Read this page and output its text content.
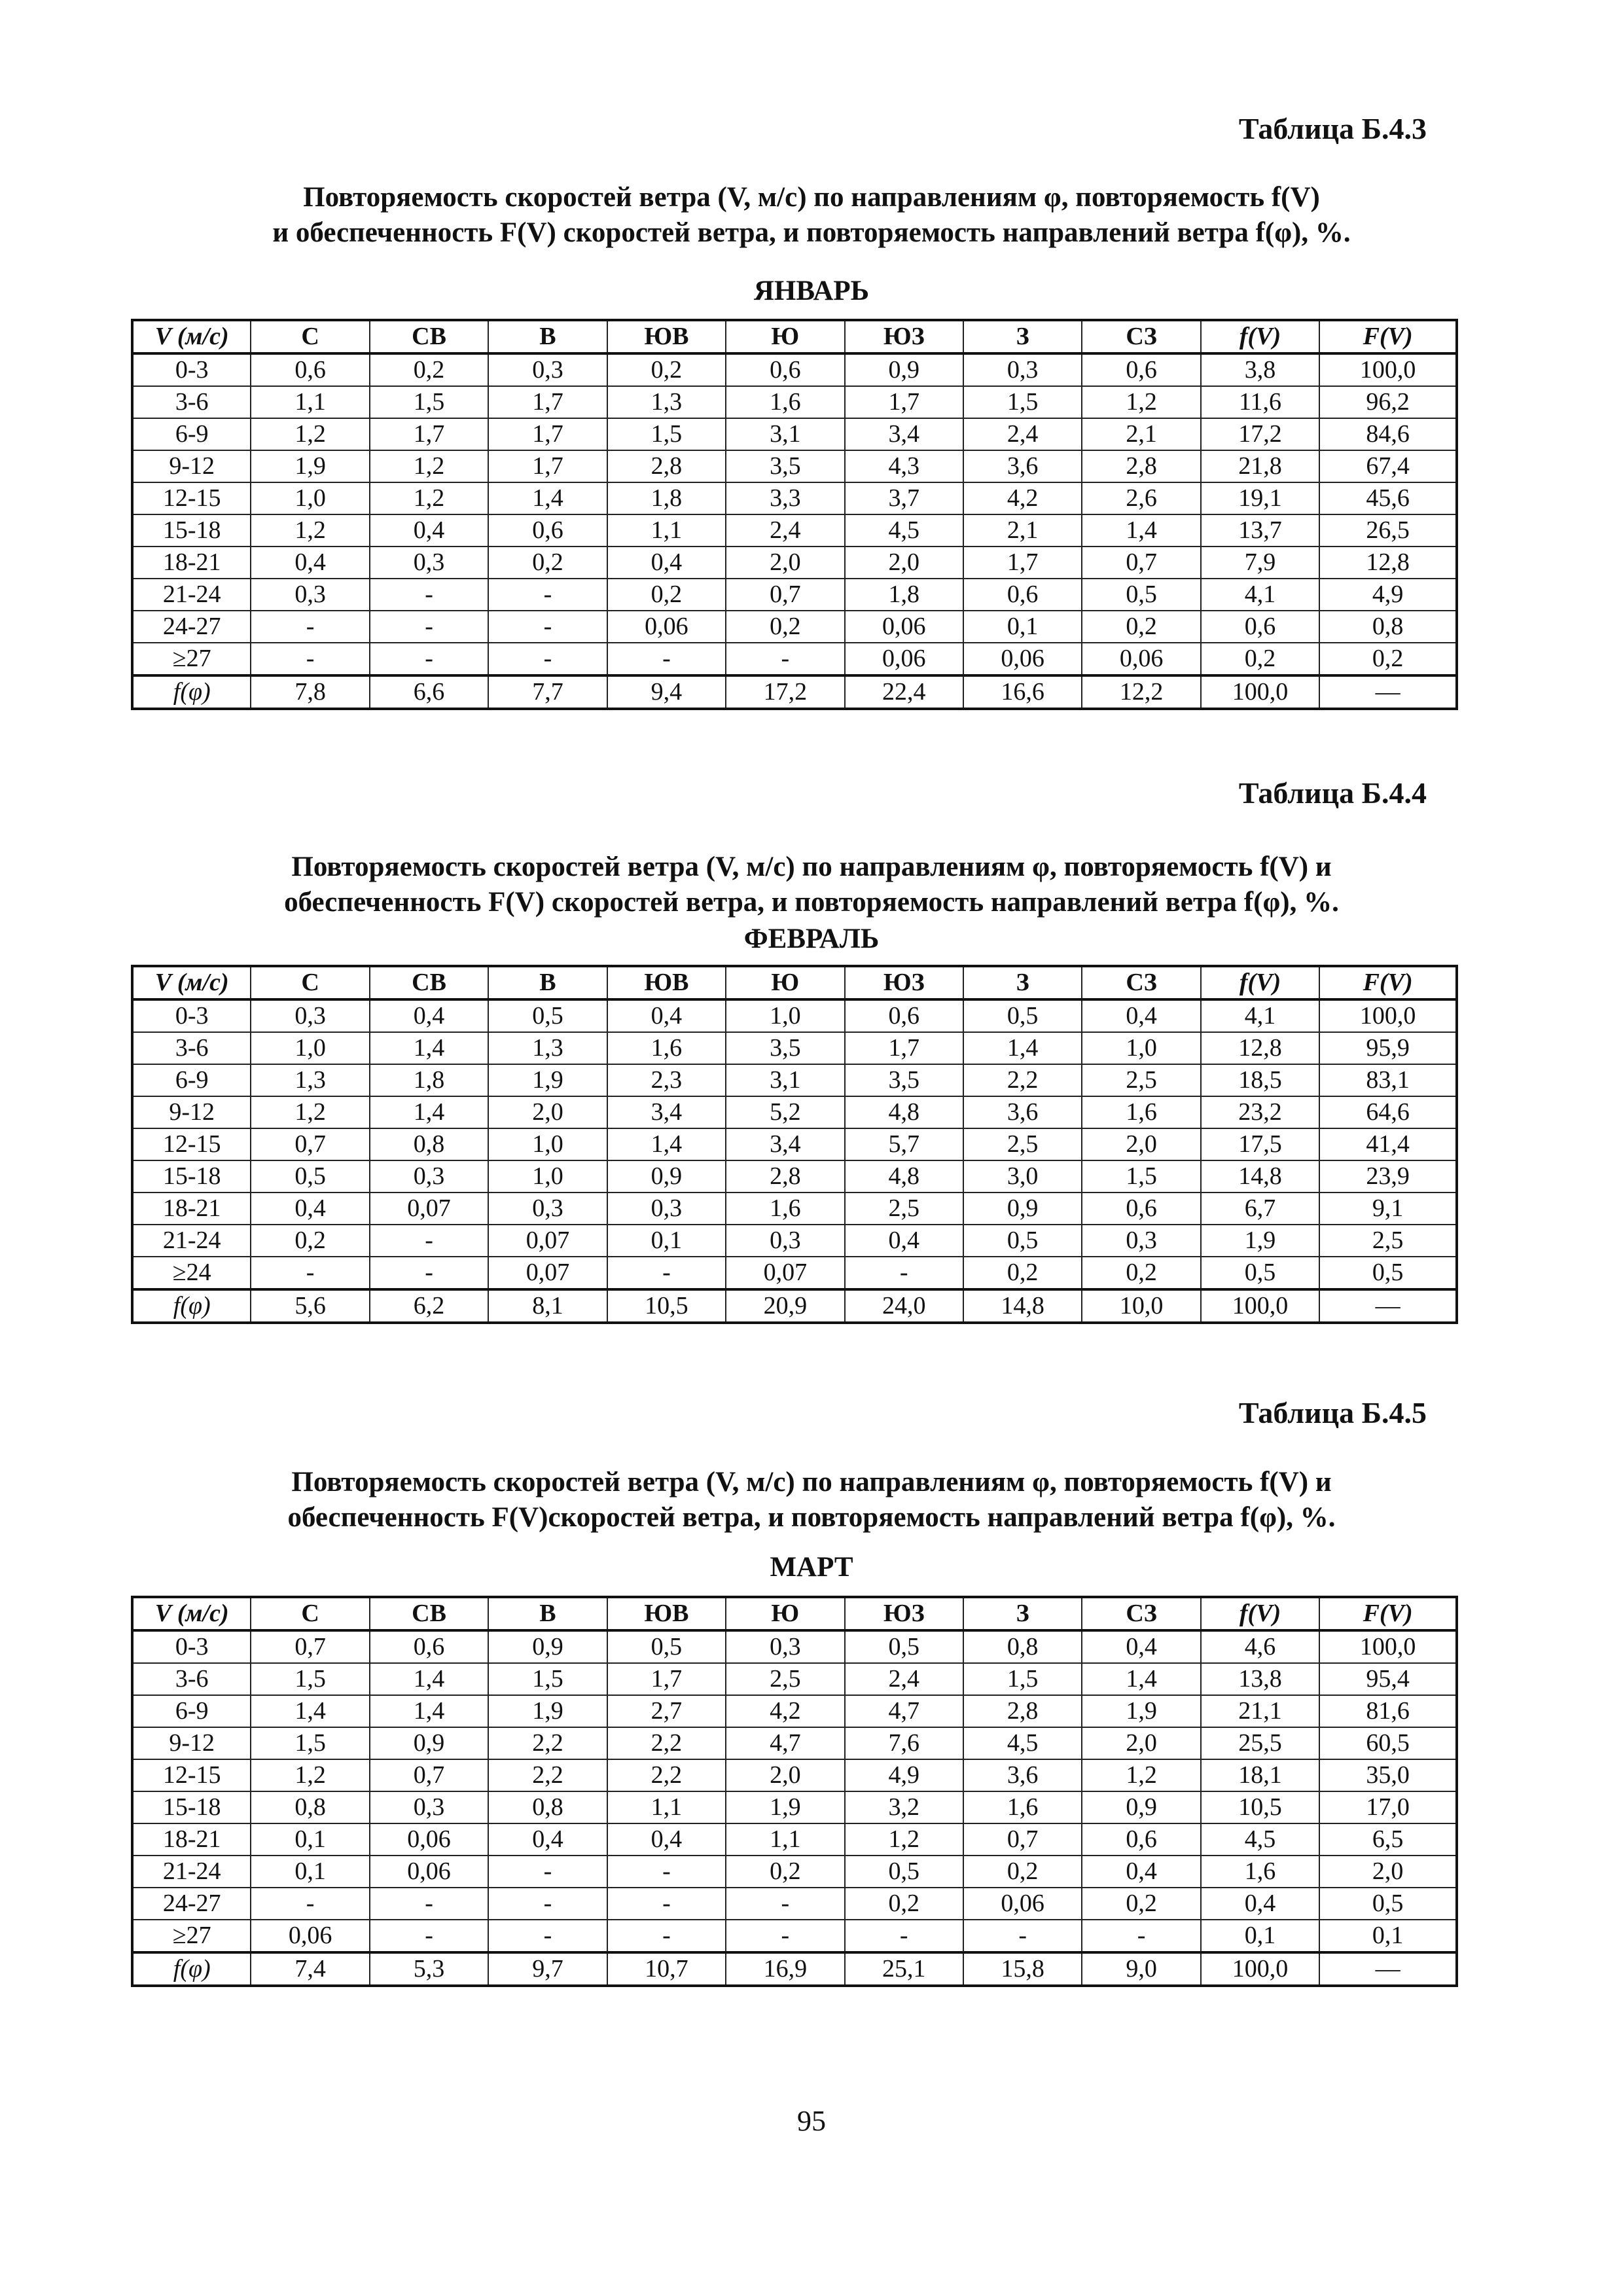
Таблица Б.4.3
Повторяемость скоростей ветра (V, м/с) по направлениям φ, повторяемость f(V)
и обеспеченность F(V) скоростей ветра, и повторяемость направлений ветра f(φ), %.
ЯНВАРЬ
V (м/с)	С	СВ	В	ЮВ	Ю	ЮЗ	З	СЗ	f(V)	F(V)
0-3	0,6	0,2	0,3	0,2	0,6	0,9	0,3	0,6	3,8	100,0
3-6	1,1	1,5	1,7	1,3	1,6	1,7	1,5	1,2	11,6	96,2
6-9	1,2	1,7	1,7	1,5	3,1	3,4	2,4	2,1	17,2	84,6
9-12	1,9	1,2	1,7	2,8	3,5	4,3	3,6	2,8	21,8	67,4
12-15	1,0	1,2	1,4	1,8	3,3	3,7	4,2	2,6	19,1	45,6
15-18	1,2	0,4	0,6	1,1	2,4	4,5	2,1	1,4	13,7	26,5
18-21	0,4	0,3	0,2	0,4	2,0	2,0	1,7	0,7	7,9	12,8
21-24	0,3	-	-	0,2	0,7	1,8	0,6	0,5	4,1	4,9
24-27	-	-	-	0,06	0,2	0,06	0,1	0,2	0,6	0,8
≥27	-	-	-	-	-	0,06	0,06	0,06	0,2	0,2
f(φ)	7,8	6,6	7,7	9,4	17,2	22,4	16,6	12,2	100,0	—
Таблица Б.4.4
Повторяемость скоростей ветра (V, м/с) по направлениям φ, повторяемость f(V) и
обеспеченность F(V) скоростей ветра, и повторяемость направлений ветра f(φ), %.
ФЕВРАЛЬ
V (м/с)	С	СВ	В	ЮВ	Ю	ЮЗ	З	СЗ	f(V)	F(V)
0-3	0,3	0,4	0,5	0,4	1,0	0,6	0,5	0,4	4,1	100,0
3-6	1,0	1,4	1,3	1,6	3,5	1,7	1,4	1,0	12,8	95,9
6-9	1,3	1,8	1,9	2,3	3,1	3,5	2,2	2,5	18,5	83,1
9-12	1,2	1,4	2,0	3,4	5,2	4,8	3,6	1,6	23,2	64,6
12-15	0,7	0,8	1,0	1,4	3,4	5,7	2,5	2,0	17,5	41,4
15-18	0,5	0,3	1,0	0,9	2,8	4,8	3,0	1,5	14,8	23,9
18-21	0,4	0,07	0,3	0,3	1,6	2,5	0,9	0,6	6,7	9,1
21-24	0,2	-	0,07	0,1	0,3	0,4	0,5	0,3	1,9	2,5
≥24	-	-	0,07	-	0,07	-	0,2	0,2	0,5	0,5
f(φ)	5,6	6,2	8,1	10,5	20,9	24,0	14,8	10,0	100,0	—
Таблица Б.4.5
Повторяемость скоростей ветра (V, м/с) по направлениям φ, повторяемость f(V) и
обеспеченность F(V)скоростей ветра, и повторяемость направлений ветра f(φ), %.
МАРТ
V (м/с)	С	СВ	В	ЮВ	Ю	ЮЗ	З	СЗ	f(V)	F(V)
0-3	0,7	0,6	0,9	0,5	0,3	0,5	0,8	0,4	4,6	100,0
3-6	1,5	1,4	1,5	1,7	2,5	2,4	1,5	1,4	13,8	95,4
6-9	1,4	1,4	1,9	2,7	4,2	4,7	2,8	1,9	21,1	81,6
9-12	1,5	0,9	2,2	2,2	4,7	7,6	4,5	2,0	25,5	60,5
12-15	1,2	0,7	2,2	2,2	2,0	4,9	3,6	1,2	18,1	35,0
15-18	0,8	0,3	0,8	1,1	1,9	3,2	1,6	0,9	10,5	17,0
18-21	0,1	0,06	0,4	0,4	1,1	1,2	0,7	0,6	4,5	6,5
21-24	0,1	0,06	-	-	0,2	0,5	0,2	0,4	1,6	2,0
24-27	-	-	-	-	-	0,2	0,06	0,2	0,4	0,5
≥27	0,06	-	-	-	-	-	-	-	0,1	0,1
f(φ)	7,4	5,3	9,7	10,7	16,9	25,1	15,8	9,0	100,0	—
95
